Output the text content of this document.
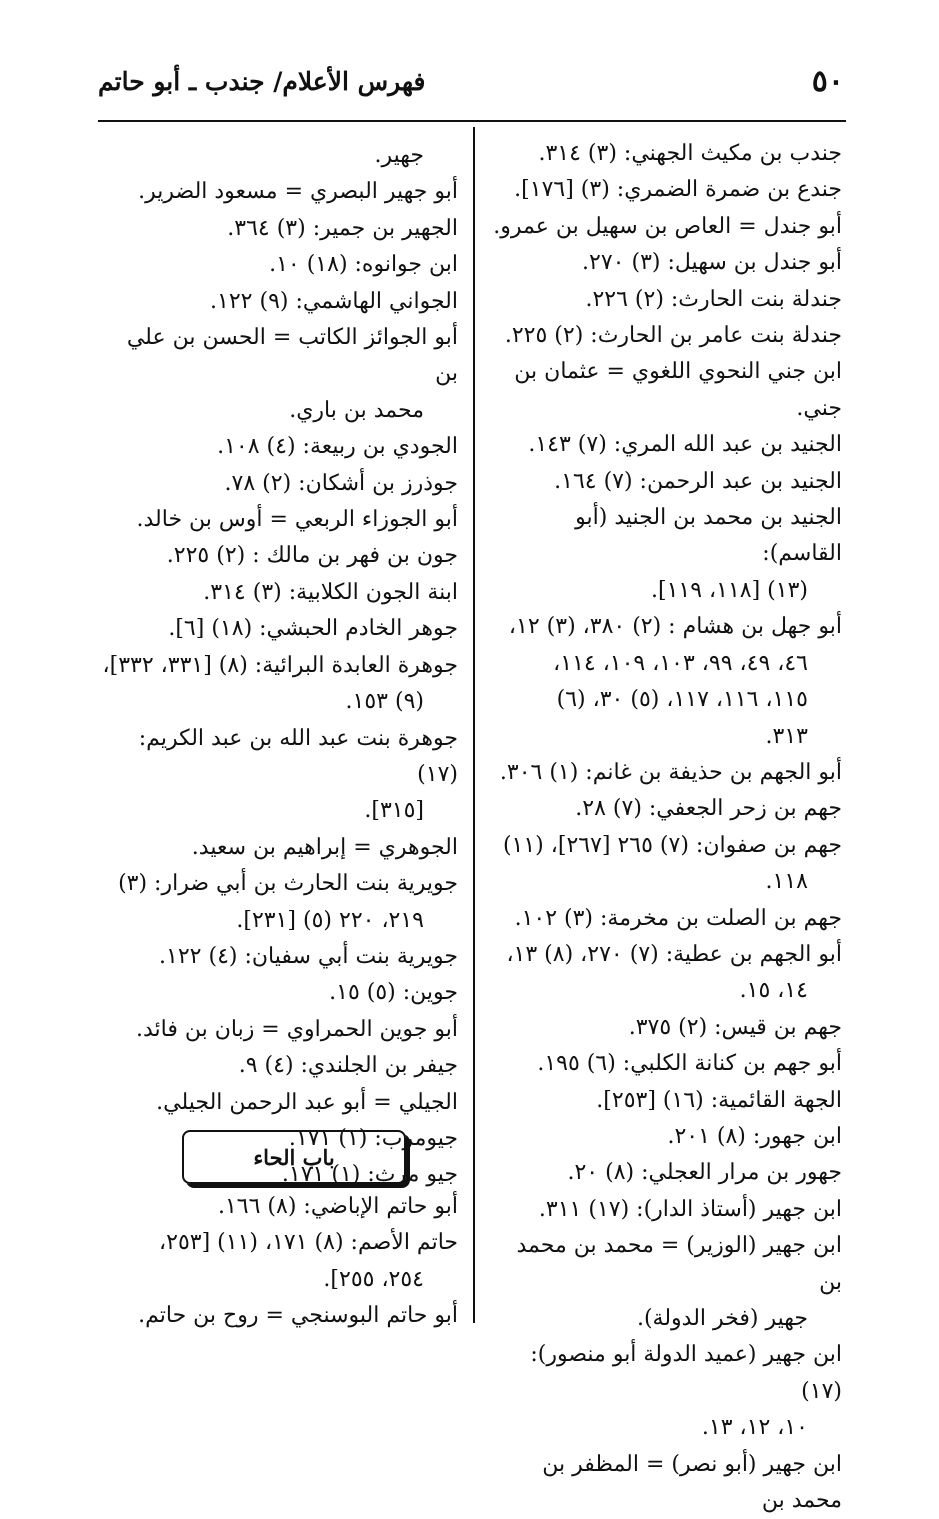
٥٠
فهرس الأعلام/ جندب ـ أبو حاتم

جندب بن مكيث الجهني: (٣) ٣١٤.

جندع بن ضمرة الضمري: (٣) [١٧٦].

أبو جندل = العاص بن سهيل بن عمرو.

أبو جندل بن سهيل: (٣) ٢٧٠.

جندلة بنت الحارث: (٢) ٢٢٦.

جندلة بنت عامر بن الحارث: (٢) ٢٢٥.

ابن جني النحوي اللغوي = عثمان بن جني.

الجنيد بن عبد الله المري: (٧) ١٤٣.

الجنيد بن عبد الرحمن: (٧) ١٦٤.

الجنيد بن محمد بن الجنيد (أبو القاسم):

(١٣) [١١٨، ١١٩].

أبو جهل بن هشام : (٢) ٣٨٠، (٣) ١٢،

٤٦، ٤٩، ٩٩، ١٠٣، ١٠٩، ١١٤،

١١٥، ١١٦، ١١٧، (٥) ٣٠، (٦)

٣١٣.

أبو الجهم بن حذيفة بن غانم: (١) ٣٠٦.

جهم بن زحر الجعفي: (٧) ٢٨.

جهم بن صفوان: (٧) ٢٦٥ [٢٦٧]، (١١)

١١٨.

جهم بن الصلت بن مخرمة: (٣) ١٠٢.

أبو الجهم بن عطية: (٧) ٢٧٠، (٨) ١٣،

١٤، ١٥.

جهم بن قيس: (٢) ٣٧٥.

أبو جهم بن كنانة الكلبي: (٦) ١٩٥.

الجهة القائمية: (١٦) [٢٥٣].

ابن جهور: (٨) ٢٠١.

جهور بن مرار العجلي: (٨) ٢٠.

ابن جهير (أستاذ الدار): (١٧) ٣١١.

ابن جهير (الوزير) = محمد بن محمد بن

جهير (فخر الدولة).

ابن جهير (عميد الدولة أبو منصور): (١٧)

١٠، ١٢، ١٣.

ابن جهير (أبو نصر) = المظفر بن محمد بن

جهير.

أبو جهير البصري = مسعود الضرير.

الجهير بن جمير: (٣) ٣٦٤.

ابن جوانوه: (١٨) ١٠.

الجواني الهاشمي: (٩) ١٢٢.

أبو الجوائز الكاتب = الحسن بن علي بن

محمد بن باري.

الجودي بن ربيعة: (٤) ١٠٨.

جوذرز بن أشكان: (٢) ٧٨.

أبو الجوزاء الربعي = أوس بن خالد.

جون بن فهر بن مالك : (٢) ٢٢٥.

ابنة الجون الكلابية: (٣) ٣١٤.

جوهر الخادم الحبشي: (١٨) [٦].

جوهرة العابدة البرائية: (٨) [٣٣١، ٣٣٢]،

(٩) ١٥٣.

جوهرة بنت عبد الله بن عبد الكريم: (١٧)

[٣١٥].

الجوهري = إبراهيم بن سعيد.

جويرية بنت الحارث بن أبي ضرار: (٣)

٢١٩، ٢٢٠ (٥) [٢٣١].

جويرية بنت أبي سفيان: (٤) ١٢٢.

جوين: (٥) ١٥.

أبو جوين الحمراوي = زبان بن فائد.

جيفر بن الجلندي: (٤) ٩.

الجيلي = أبو عبد الرحمن الجيلي.

جيومرب: (١) ١٧١.

جيو مرث: (١) ١٧١.

باب الحاء

أبو حاتم الإباضي: (٨) ١٦٦.

حاتم الأصم: (٨) ١٧١، (١١) [٢٥٣،

٢٥٤، ٢٥٥].

أبو حاتم البوسنجي = روح بن حاتم.
